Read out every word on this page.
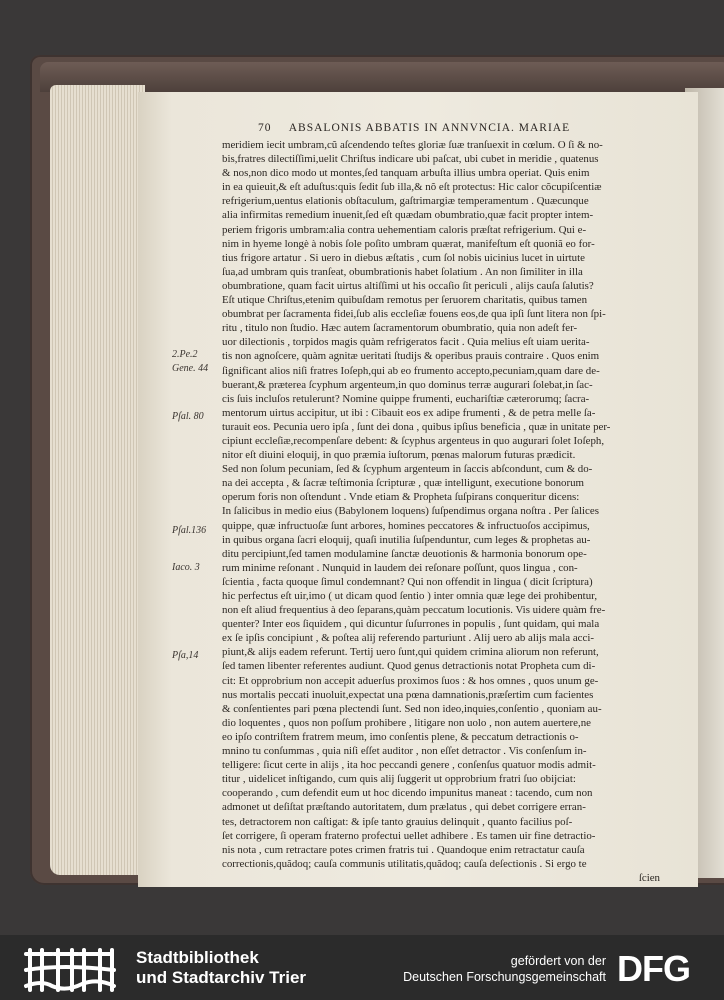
70 ABSALONIS ABBATIS IN ANNVNCIA. MARIAE
meridiem iecit umbram,cũ aſcendendo teſtes gloriæ ſuæ tranſuexit in cœlum. O ſi & no-
bis,fratres dilectiſſimi,uelit Chriſtus indicare ubi paſcat, ubi cubet in meridie , quatenus
& nos,non dico modo ut montes,ſed tanquam arbuſta illius umbra operiat. Quis enim
in ea quieuit,& eſt aduſtus:quis ſedit ſub illa,& nõ eſt protectus: Hic calor cõcupiſcentiæ
refrigerium,uentus elationis obſtaculum, gaſtrimargiæ temperamentum . Quæcunque
alia infirmitas remedium inuenit,ſed eſt quædam obumbratio,quæ facit propter intem-
periem frigoris umbram:alia contra uehementiam caloris præſtat refrigerium. Qui e-
nim in hyeme longè à nobis ſole poſito umbram quærat, manifeſtum eſt quoniã eo for-
tius frigore artatur . Si uero in diebus æſtatis , cum ſol nobis uicinius lucet in uirtute
ſua,ad umbram quis tranſeat, obumbrationis habet ſolatium . An non ſimiliter in illa
obumbratione, quam facit uirtus altiſſimi ut his occaſio ſit periculi , alijs cauſa ſalutis?
Eſt utique Chriſtus,etenim quibuſdam remotus per ſeruorem charitatis, quibus tamen
obumbrat per ſacramenta fidei,ſub alis eccleſiæ fouens eos,de qua ipſi ſunt litera non ſpi-
ritu , titulo non ſtudio. Hæc autem ſacramentorum obumbratio, quia non adeſt fer-
uor dilectionis , torpidos magis quàm refrigeratos facit . Quia melius eſt uiam uerita-
tis non agnoſcere, quàm agnitæ ueritati ſtudijs & operibus prauis contraire . Quos enim
ſignificant alios niſi fratres Ioſeph,qui ab eo frumento accepto,pecuniam,quam dare de-
buerant,& præterea ſcyphum argenteum,in quo dominus terræ augurari ſolebat,in ſac-
cis ſuis incluſos retulerunt? Nomine quippe frumenti, euchariſtiæ cæterorumq; ſacra-
mentorum uirtus accipitur, ut ibi : Cibauit eos ex adipe frumenti , & de petra melle ſa-
turauit eos. Pecunia uero ipſa , ſunt dei dona , quibus ipſius beneficia , quæ in unitate per-
cipiunt eccleſiæ,recompenſare debent: & ſcyphus argenteus in quo augurari ſolet Ioſeph,
nitor eſt diuini eloquij, in quo præmia iuſtorum, pœnas malorum futuras prædicit.
Sed non ſolum pecuniam, ſed & ſcyphum argenteum in ſaccis abſcondunt, cum & do-
na dei accepta , & ſacræ teſtimonia ſcripturæ , quæ intelligunt, executione bonorum
operum foris non oſtendunt . Vnde etiam & Propheta ſuſpirans conqueritur dicens:
In ſalicibus in medio eius (Babylonem loquens) ſuſpendimus organa noſtra . Per ſalices
quippe, quæ infructuoſæ ſunt arbores, homines peccatores & infructuoſos accipimus,
in quibus organa ſacri eloquij, quaſi inutilia ſuſpenduntur, cum leges & prophetas au-
ditu percipiunt,ſed tamen modulamine ſanctæ deuotionis & harmonia bonorum ope-
rum minime reſonant . Nunquid in laudem dei reſonare poſſunt, quos lingua , con-
ſcientia , facta quoque ſimul condemnant? Qui non offendit in lingua ( dicit ſcriptura)
hic perfectus eſt uir,imo ( ut dicam quod ſentio ) inter omnia quæ lege dei prohibentur,
non eſt aliud frequentius à deo ſeparans,quàm peccatum locutionis. Vis uidere quàm fre-
quenter? Inter eos ſiquidem , qui dicuntur ſuſurrones in populis , ſunt quidam, qui mala
ex ſe ipſis concipiunt , & poſtea alij referendo parturiunt . Alij uero ab alijs mala acci-
piunt,& alijs eadem referunt. Tertij uero ſunt,qui quidem crimina aliorum non referunt,
ſed tamen libenter referentes audiunt. Quod genus detractionis notat Propheta cum di-
cit: Et opprobrium non accepit aduerſus proximos ſuos : & hos omnes , quos unum ge-
nus mortalis peccati inuoluit,expectat una pœna damnationis,præſertim cum facientes
& conſentientes pari pœna plectendi ſunt. Sed non ideo,inquies,conſentio , quoniam au-
dio loquentes , quos non poſſum prohibere , litigare non uolo , non autem auertere,ne
eo ipſo contriſtem fratrem meum, imo conſentis plene, & peccatum detractionis o-
mnino tu conſummas , quia niſi eſſet auditor , non eſſet detractor . Vis conſenſum in-
telligere: ſicut certe in alijs , ita hoc peccandi genere , conſenſus quatuor modis admit-
titur , uidelicet inſtigando, cum quis alij ſuggerit ut opprobrium fratri ſuo obijciat:
cooperando , cum defendit eum ut hoc dicendo impunitus maneat : tacendo, cum non
admonet ut deſiſtat præſtando autoritatem, dum prælatus , qui debet corrigere erran-
tes, detractorem non caſtigat: & ipſe tanto grauius delinquit , quanto facilius poſ-
ſet corrigere, ſi operam fraterno profectui uellet adhibere . Es tamen uir fine detractio-
nis nota , cum retractare potes crimen fratris tui . Quandoque enim retractatur cauſa
correctionis,quãdoq; cauſa communis utilitatis,quãdoq; cauſa deſectionis . Si ergo te
ſcien
2.Pe.2
Gene. 44
Pſal. 80
Pſal.136
Iaco. 3
Pſa,14
Stadtbibliothek
und Stadtarchiv Trier
gefördert von der
Deutschen Forschungsgemeinschaft DFG
